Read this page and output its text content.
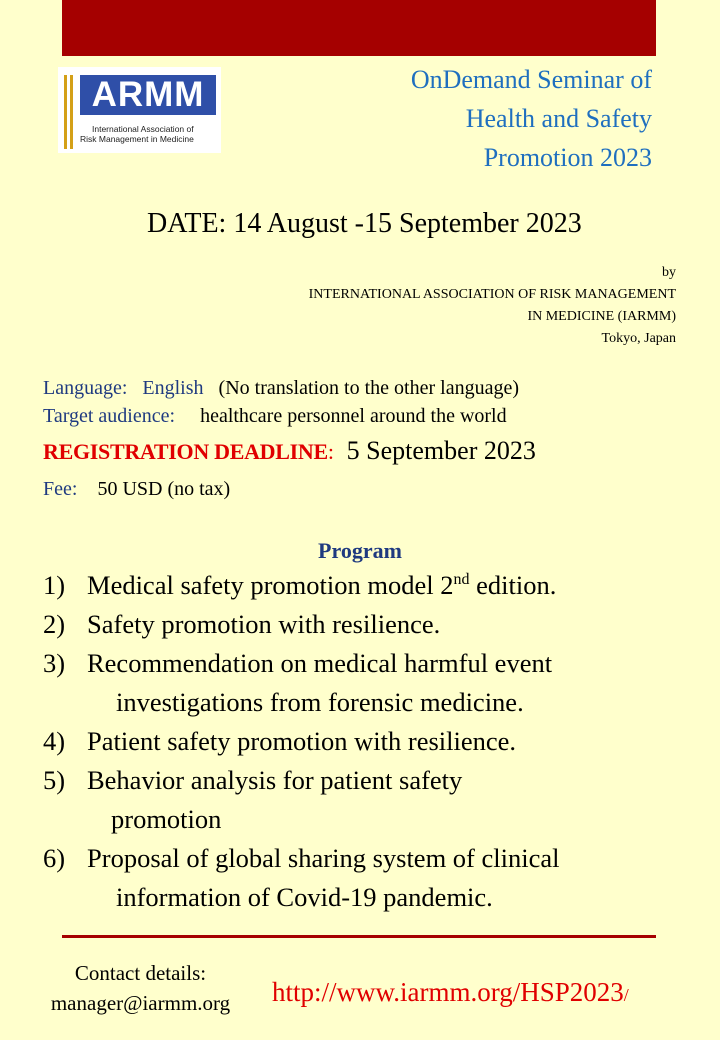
ARMM
International Association of
Risk Management in Medicine
OnDemand Seminar of
Health and Safety
Promotion 2023
DATE: 14 August -15 September 2023
by
INTERNATIONAL ASSOCIATION OF RISK MANAGEMENT
IN MEDICINE (IARMM)
Tokyo, Japan
Language: English (No translation to the other language)
Target audience: healthcare personnel around the world
REGISTRATION DEADLINE: 5 September 2023
Fee: 50 USD (no tax)
Program
1) Medical safety promotion model 2nd edition.
2) Safety promotion with resilience.
3) Recommendation on medical harmful event
investigations from forensic medicine.
4) Patient safety promotion with resilience.
5) Behavior analysis for patient safety
promotion
6) Proposal of global sharing system of clinical
information of Covid-19 pandemic.
Contact details:
manager@iarmm.org	http://www.iarmm.org/HSP2023/
